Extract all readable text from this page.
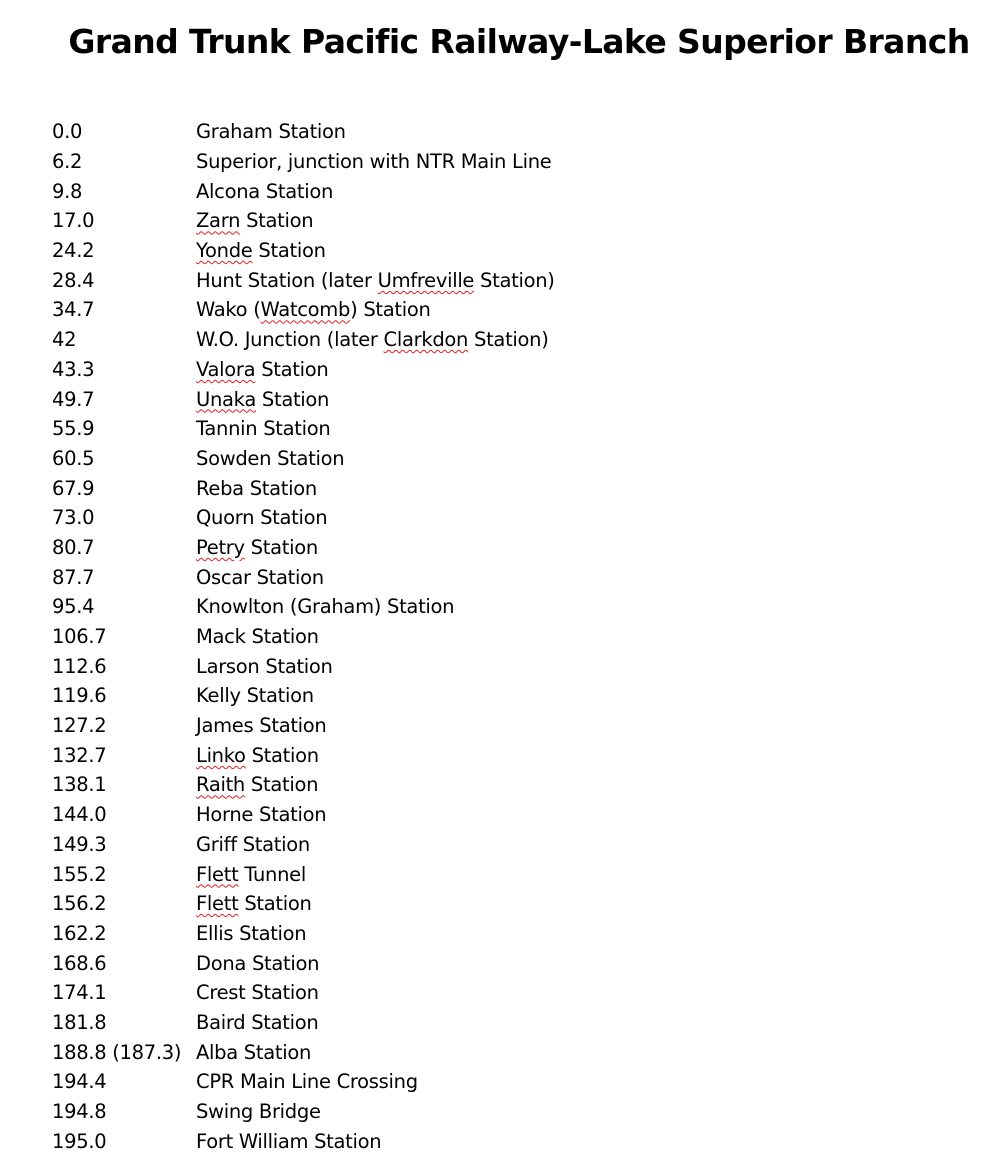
Grand Trunk Pacific Railway-Lake Superior Branch
0.0	Graham Station
6.2	Superior, junction with NTR Main Line
9.8	Alcona Station
17.0	Zarn Station
24.2	Yonde Station
28.4	Hunt Station (later Umfreville Station)
34.7	Wako (Watcomb) Station
42	W.O. Junction (later Clarkdon Station)
43.3	Valora Station
49.7	Unaka Station
55.9	Tannin Station
60.5	Sowden Station
67.9	Reba Station
73.0	Quorn Station
80.7	Petry Station
87.7	Oscar Station
95.4	Knowlton (Graham) Station
106.7	Mack Station
112.6	Larson Station
119.6	Kelly Station
127.2	James Station
132.7	Linko Station
138.1	Raith Station
144.0	Horne Station
149.3	Griff Station
155.2	Flett Tunnel
156.2	Flett Station
162.2	Ellis Station
168.6	Dona Station
174.1	Crest Station
181.8	Baird Station
188.8 (187.3) Alba Station
194.4	CPR Main Line Crossing
194.8	Swing Bridge
195.0	Fort William Station
